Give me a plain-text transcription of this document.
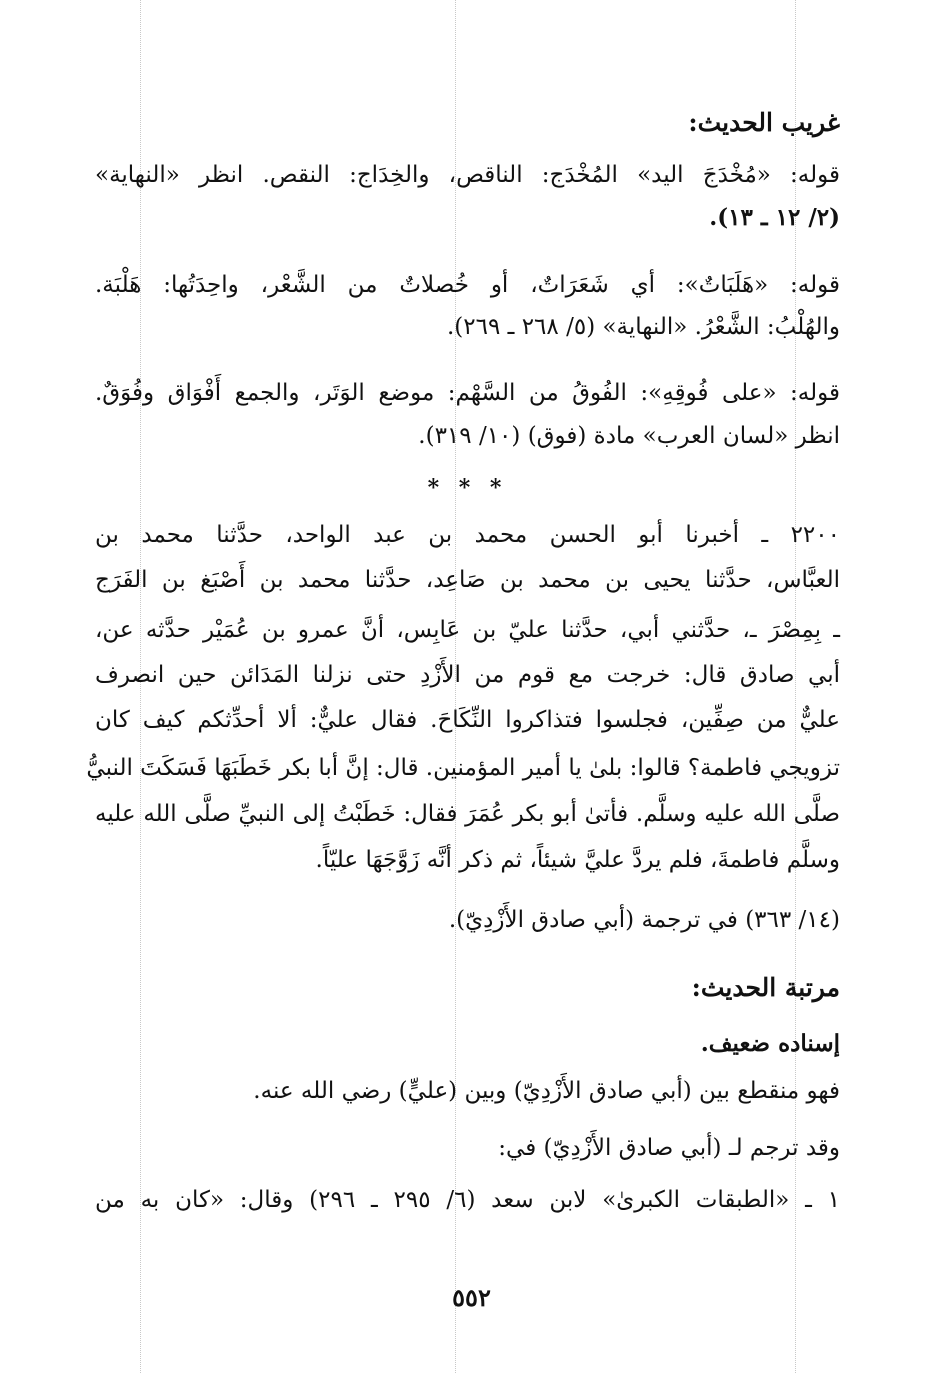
غريب الحديث:
قوله: «مُخْدَجَ اليد» المُخْدَج: الناقص، والخِدَاج: النقص. انظر «النهاية»
(٢/ ١٢ ـ ١٣).
قوله: «هَلَبَاتٌ»: أي شَعَرَاتٌ، أو خُصلاتٌ من الشَّعْر، واحِدَتُها: هَلْبَة.
والهُلْبُ: الشَّعْرُ. «النهاية» (٥/ ٢٦٨ ـ ٢٦٩).
قوله: «على فُوقِهِ»: الفُوقُ من السَّهْم: موضع الوَتَر، والجمع أَفْوَاق وفُوَقٌ.
انظر «لسان العرب» مادة (فوق) (١٠/ ٣١٩).
* * *
٢٢٠٠ ـ أخبرنا أبو الحسن محمد بن عبد الواحد، حدَّثنا محمد بن
العبَّاس، حدَّثنا يحيى بن محمد بن صَاعِد، حدَّثنا محمد بن أَصْبَغ بن الفَرَج
ـ بِمِصْرَ ـ، حدَّثني أبي، حدَّثنا عليّ بن عَابِس، أنَّ عمرو بن عُمَيْر حدَّثه عن،
أبي صادق قال: خرجت مع قوم من الأَزْدِ حتى نزلنا المَدَائن حين انصرف
عليٌّ من صِفِّين، فجلسوا فتذاكروا النِّكَاحَ. فقال عليٌّ: ألا أحدِّثكم كيف كان
تزويجي فاطمة؟ قالوا: بلىٰ يا أمير المؤمنين. قال: إنَّ أبا بكر خَطَبَهَا فَسَكَتَ النبيُّ
صلَّى الله عليه وسلَّم. فأتىٰ أبو بكر عُمَرَ فقال: خَطَبْتُ إلى النبيِّ صلَّى الله عليه
وسلَّم فاطمةَ، فلم يردَّ عليَّ شيئاً، ثم ذكر أنَّه زَوَّجَهَا عليّاً.
(١٤/ ٣٦٣) في ترجمة (أبي صادق الأَزْدِيّ).
مرتبة الحديث:
إسناده ضعيف.
فهو منقطع بين (أبي صادق الأَزْدِيّ) وبين (عليٍّ) رضي الله عنه.
وقد ترجم لـ (أبي صادق الأَزْدِيّ) في:
١ ـ «الطبقات الكبرىٰ» لابن سعد (٦/ ٢٩٥ ـ ٢٩٦) وقال: «كان به من
٥٥٢
